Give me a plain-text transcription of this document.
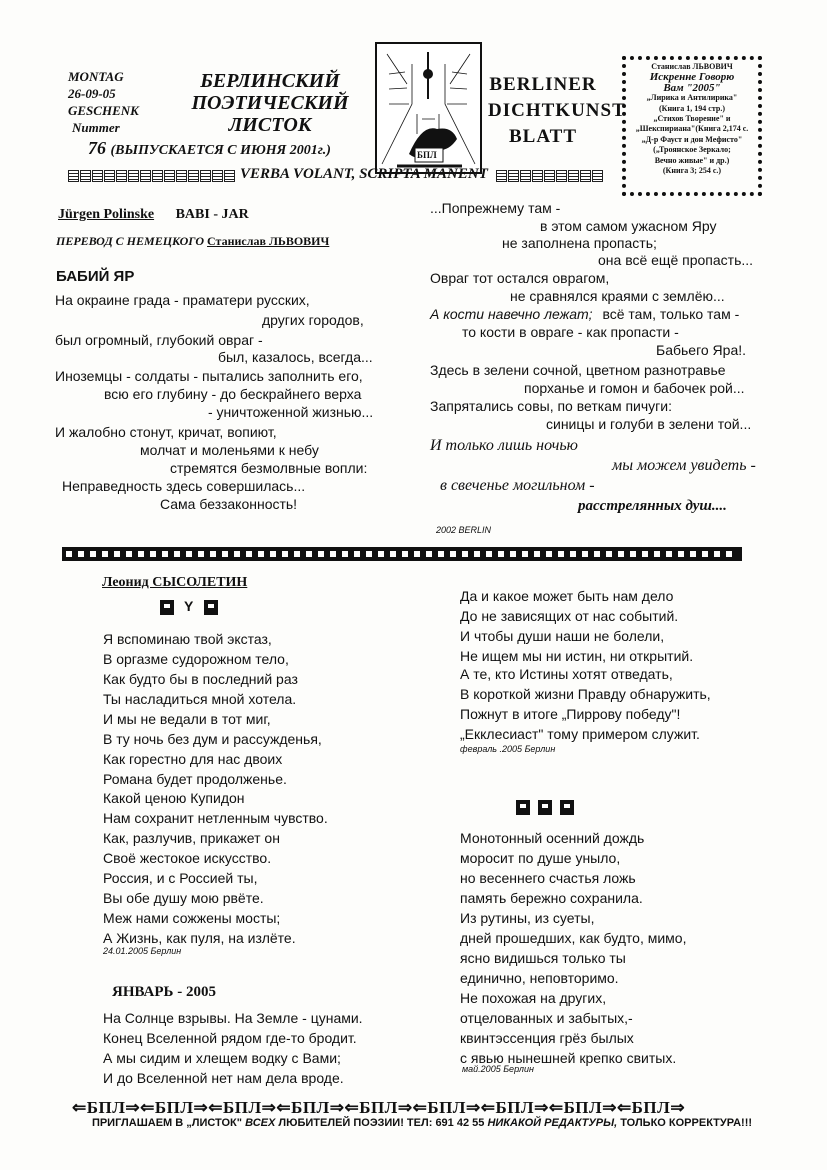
MONTAG
26-09-05
GESCHENK
Nummer
76 (ВЫПУСКАЕТСЯ С ИЮНЯ 2001г.)
БЕРЛИНСКИЙ
ПОЭТИЧЕСКИЙ
ЛИСТОК
БПЛ
BERLINER
DICHTKUNST
BLATT
Станислав ЛЬВОВИЧ
Искренне Говорю
Вам "2005"
„Лирика и Антилирика"
(Книга 1, 194 стр.)
„Стихов Творение" и
„Шекспириана"(Книга 2,174 с.
„Д-р Фауст и дон Мефисто"
(„Троянское Зеркало;
Вечно живые" и др.)
(Книга 3; 254 с.)
VERBA VOLANT, SCRIPTA MANENT
Jürgen Polinske BABI - JAR
ПЕРЕВОД С НЕМЕЦКОГО Станислав ЛЬВОВИЧ
БАБИЙ ЯР
На окраине града - праматери русских,
других городов,
был огромный, глубокий овраг -
был, казалось, всегда...
Иноземцы - солдаты - пытались заполнить его,
всю его глубину - до бескрайнего верха
- уничтоженной жизнью...
И жалобно стонут, кричат, вопиют,
молчат и моленьями к небу
стремятся безмолвные вопли:
Неправедность здесь совершилась...
Сама беззаконность!
...Попрежнему там -
в этом самом ужасном Яру
не заполнена пропасть;
она всё ещё пропасть...
Овраг тот остался оврагом,
не сравнялся краями с землёю...
А кости навечно лежат; всё там, только там -
то кости в овраге - как пропасти -
Бабьего Яра!.
Здесь в зелени сочной, цветном разнотравье
порханье и гомон и бабочек рой...
Запрятались совы, по веткам пичуги:
синицы и голуби в зелени той...
И только лишь ночью
мы можем увидеть -
в свеченье могильном -
расстрелянных душ....
2002 BERLIN
Леонид СЫСОЛЕТИН

Y
Я вспоминаю твой экстаз,
В оргазме судорожном тело,
Как будто бы в последний раз
Ты насладиться мной хотела.
И мы не ведали в тот миг,
В ту ночь без дум и рассужденья,
Как горестно для нас двоих
Романа будет продолженье.
Какой ценою Купидон
Нам сохранит нетленным чувство.
Как, разлучив, прикажет он
Своё жестокое искусство.
Россия, и с Россией ты,
Вы обе душу мою рвёте.
Меж нами сожжены мосты;
А Жизнь, как пуля, на излёте.
24.01.2005 Берлин
ЯНВАРЬ - 2005
На Солнце взрывы. На Земле - цунами.
Конец Вселенной рядом где-то бродит.
А мы сидим и хлещем водку с Вами;
И до Вселенной нет нам дела вроде.
Да и какое может быть нам дело
До не зависящих от нас событий.
И чтобы души наши не болели,
Не ищем мы ни истин, ни открытий.
А те, кто Истины хотят отведать,
В короткой жизни Правду обнаружить,
Пожнут в итоге „Пиррову победу"!
„Екклесиаст" тому примером служит.
февраль .2005 Берлин
Монотонный осенний дождь
моросит по душе уныло,
но весеннего счастья ложь
память бережно сохранила.
Из рутины, из суеты,
дней прошедших, как будто, мимо,
ясно видишься только ты
единично, неповторимо.
Не похожая на других,
отцелованных и забытых,-
квинтэссенция грёз былых
с явью нынешней крепко свитых.
май.2005 Берлин
⇐БПЛ⇒⇐БПЛ⇒⇐БПЛ⇒⇐БПЛ⇒⇐БПЛ⇒⇐БПЛ⇒⇐БПЛ⇒⇐БПЛ⇒⇐БПЛ⇒
ПРИГЛАШАЕМ В „ЛИСТОК" ВСЕХ ЛЮБИТЕЛЕЙ ПОЭЗИИ! ТЕЛ: 691 42 55 НИКАКОЙ РЕДАКТУРЫ, ТОЛЬКО КОРРЕКТУРА!!!
